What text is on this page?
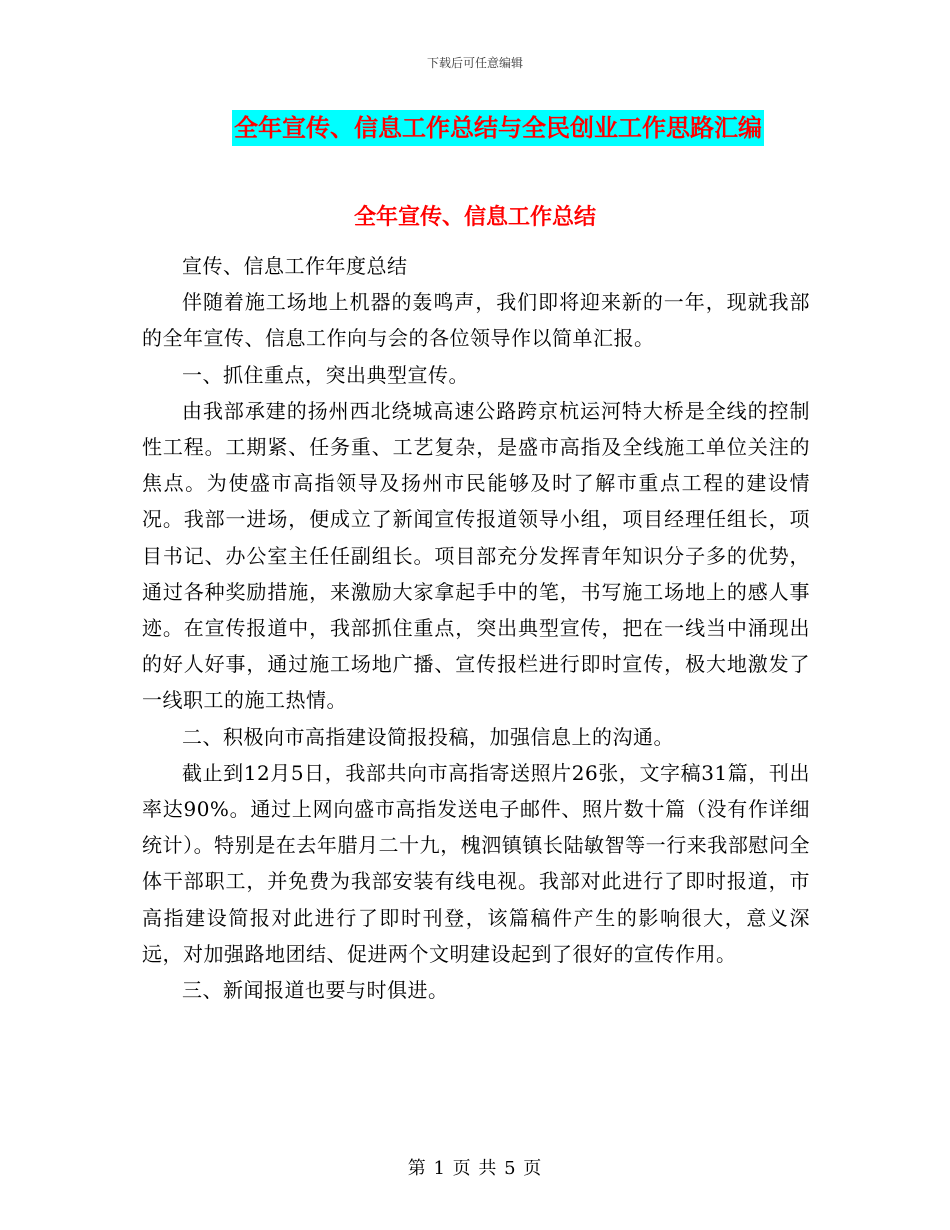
下载后可任意编辑
全年宣传、信息工作总结与全民创业工作思路汇编
全年宣传、信息工作总结

宣传、信息工作年度总结

伴随着施工场地上机器的轰鸣声，我们即将迎来新的一年，现就我部的全年宣传、信息工作向与会的各位领导作以简单汇报。

一、抓住重点，突出典型宣传。

由我部承建的扬州西北绕城高速公路跨京杭运河特大桥是全线的控制性工程。工期紧、任务重、工艺复杂，是盛市高指及全线施工单位关注的焦点。为使盛市高指领导及扬州市民能够及时了解市重点工程的建设情况。我部一进场，便成立了新闻宣传报道领导小组，项目经理任组长，项目书记、办公室主任任副组长。项目部充分发挥青年知识分子多的优势，通过各种奖励措施，来激励大家拿起手中的笔，书写施工场地上的感人事迹。在宣传报道中，我部抓住重点，突出典型宣传，把在一线当中涌现出的好人好事，通过施工场地广播、宣传报栏进行即时宣传，极大地激发了一线职工的施工热情。

二、积极向市高指建设简报投稿，加强信息上的沟通。

截止到12月5日，我部共向市高指寄送照片26张，文字稿31篇，刊出率达90%。通过上网向盛市高指发送电子邮件、照片数十篇（没有作详细统计）。特别是在去年腊月二十九，槐泗镇镇长陆敏智等一行来我部慰问全体干部职工，并免费为我部安装有线电视。我部对此进行了即时报道，市高指建设简报对此进行了即时刊登，该篇稿件产生的影响很大，意义深远，对加强路地团结、促进两个文明建设起到了很好的宣传作用。

三、新闻报道也要与时俱进。

第 1 页 共 5 页
